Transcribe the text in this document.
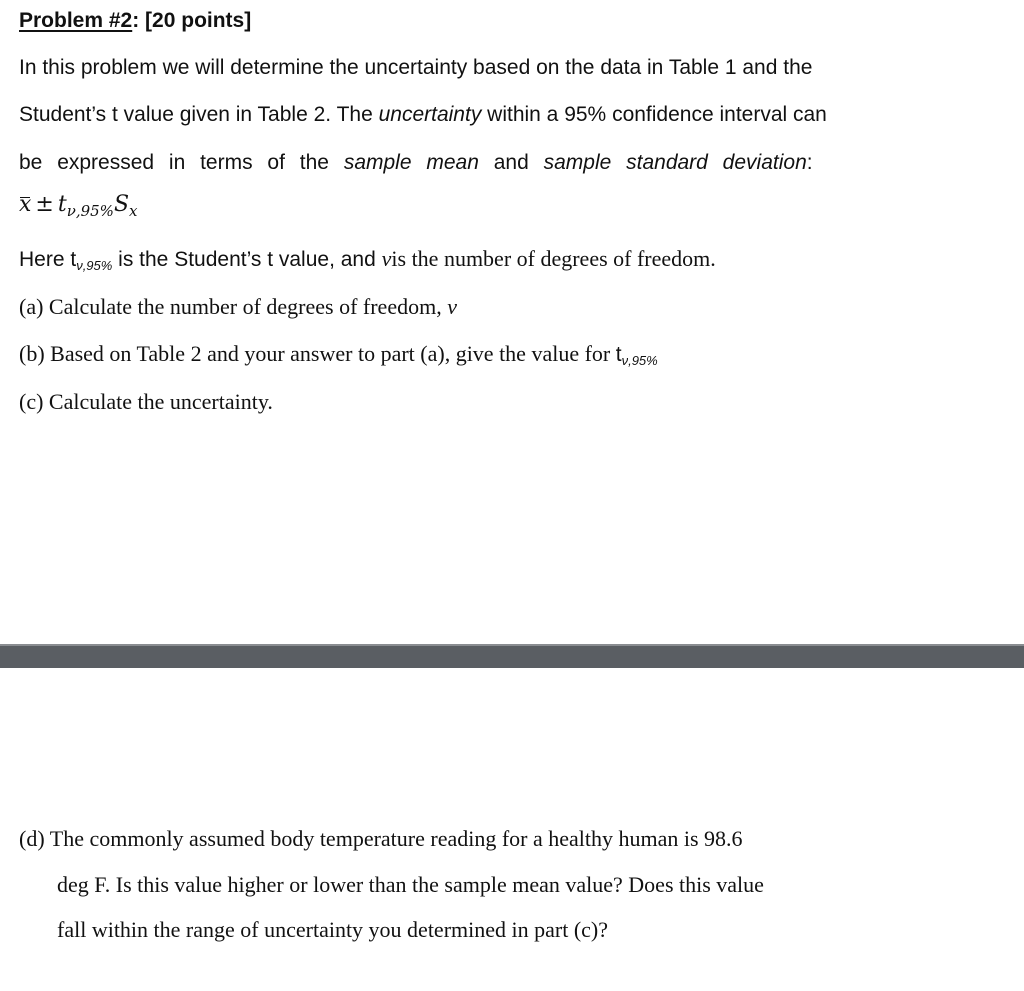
Problem #2: [20 points]
In this problem we will determine the uncertainty based on the data in Table 1 and the
Student’s t value given in Table 2. The uncertainty within a 95% confidence interval can
be expressed in terms of the sample mean and sample standard deviation:
$x \pm t_{\nu,95\%}S_x$
Here $t_{\nu,95\%}$ is the Student’s t value, and νis the number of degrees of freedom.
(a) Calculate the number of degrees of freedom, ν
(b) Based on Table 2 and your answer to part (a), give the value for $t_{\nu,95\%}$
(c) Calculate the uncertainty.
(d) The commonly assumed body temperature reading for a healthy human is 98.6
deg F. Is this value higher or lower than the sample mean value? Does this value
fall within the range of uncertainty you determined in part (c)?
